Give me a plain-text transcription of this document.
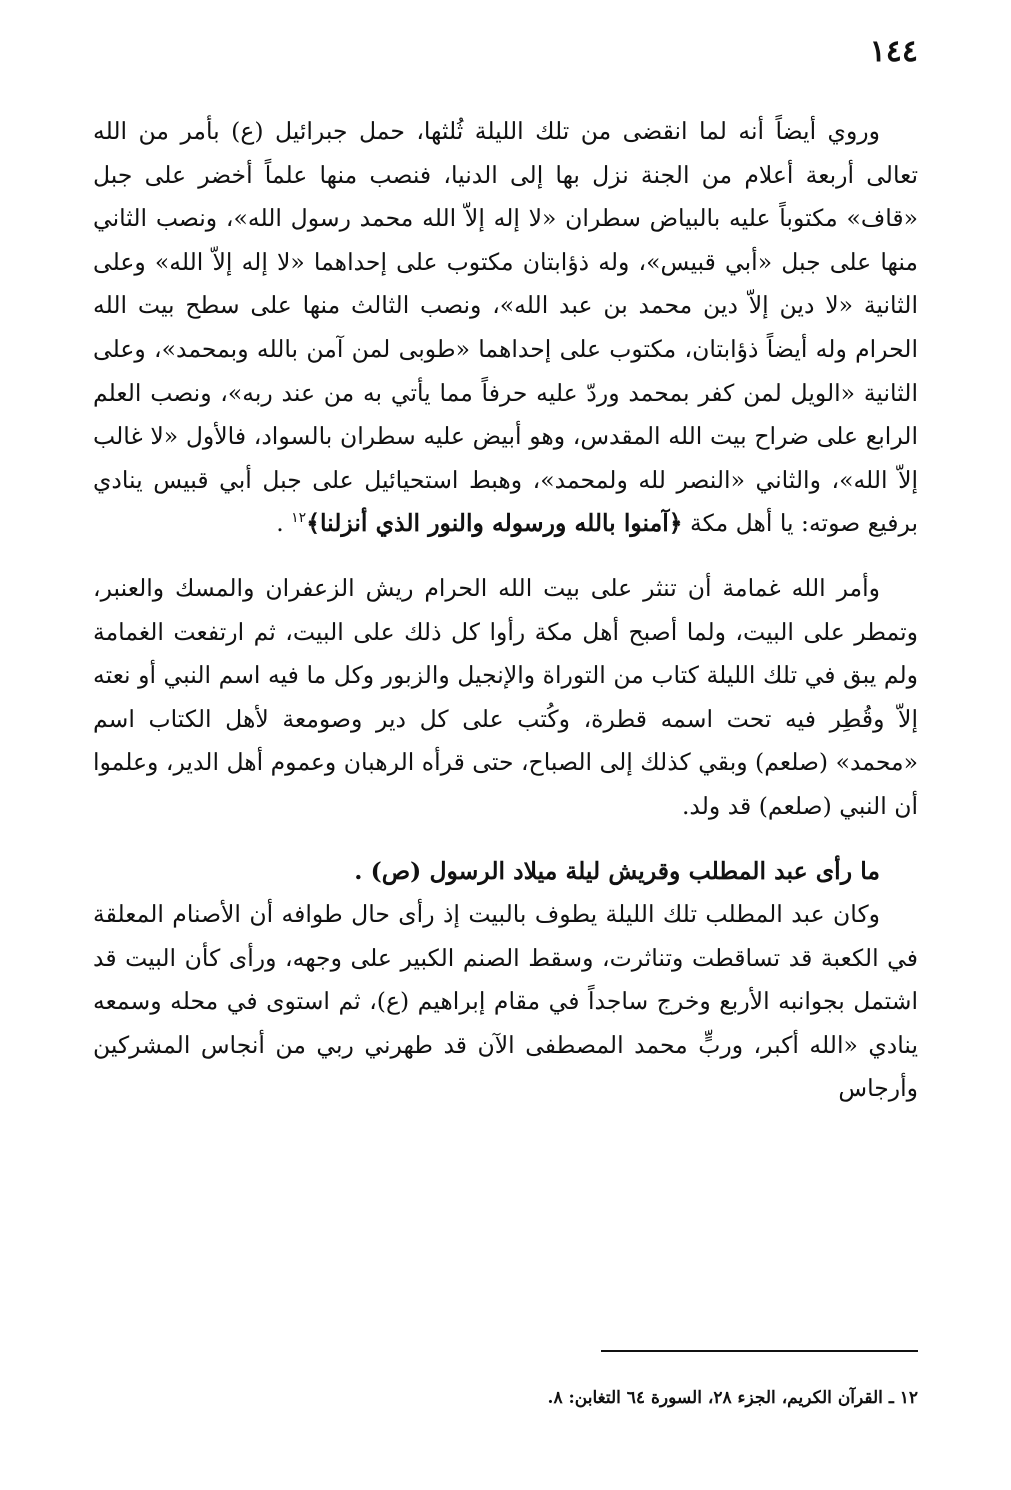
١٤٤

وروي أيضاً أنه لما انقضى من تلك الليلة ثُلثها، حمل جبرائيل (ع) بأمر من الله تعالى أربعة أعلام من الجنة نزل بها إلى الدنيا، فنصب منها علماً أخضر على جبل «قاف» مكتوباً عليه بالبياض سطران «لا إله إلاّ الله محمد رسول الله»، ونصب الثاني منها على جبل «أبي قبيس»، وله ذؤابتان مكتوب على إحداهما «لا إله إلاّ الله» وعلى الثانية «لا دين إلاّ دين محمد بن عبد الله»، ونصب الثالث منها على سطح بيت الله الحرام وله أيضاً ذؤابتان، مكتوب على إحداهما «طوبى لمن آمن بالله وبمحمد»، وعلى الثانية «الويل لمن كفر بمحمد وردّ عليه حرفاً مما يأتي به من عند ربه»، ونصب العلم الرابع على ضراح بيت الله المقدس، وهو أبيض عليه سطران بالسواد، فالأول «لا غالب إلاّ الله»، والثاني «النصر لله ولمحمد»، وهبط استحيائيل على جبل أبي قبيس ينادي برفيع صوته: يا أهل مكة ﴿آمنوا بالله ورسوله والنور الذي أنزلنا﴾$^{١٢}$ .

وأمر الله غمامة أن تنثر على بيت الله الحرام ريش الزعفران والمسك والعنبر، وتمطر على البيت، ولما أصبح أهل مكة رأوا كل ذلك على البيت، ثم ارتفعت الغمامة ولم يبق في تلك الليلة كتاب من التوراة والإنجيل والزبور وكل ما فيه اسم النبي أو نعته إلاّ وقُطِر فيه تحت اسمه قطرة، وكُتب على كل دير وصومعة لأهل الكتاب اسم «محمد» (صلعم) وبقي كذلك إلى الصباح، حتى قرأه الرهبان وعموم أهل الدير، وعلموا أن النبي (صلعم) قد ولد.

ما رأى عبد المطلب وقريش ليلة ميلاد الرسول (ص) .

وكان عبد المطلب تلك الليلة يطوف بالبيت إذ رأى حال طوافه أن الأصنام المعلقة في الكعبة قد تساقطت وتناثرت، وسقط الصنم الكبير على وجهه، ورأى كأن البيت قد اشتمل بجوانبه الأربع وخرج ساجداً في مقام إبراهيم (ع)، ثم استوى في محله وسمعه ينادي «الله أكبر، وربٍّ محمد المصطفى الآن قد طهرني ربي من أنجاس المشركين وأرجاس

١٢ ـ القرآن الكريم، الجزء ٢٨، السورة ٦٤ التغابن: ٨.
